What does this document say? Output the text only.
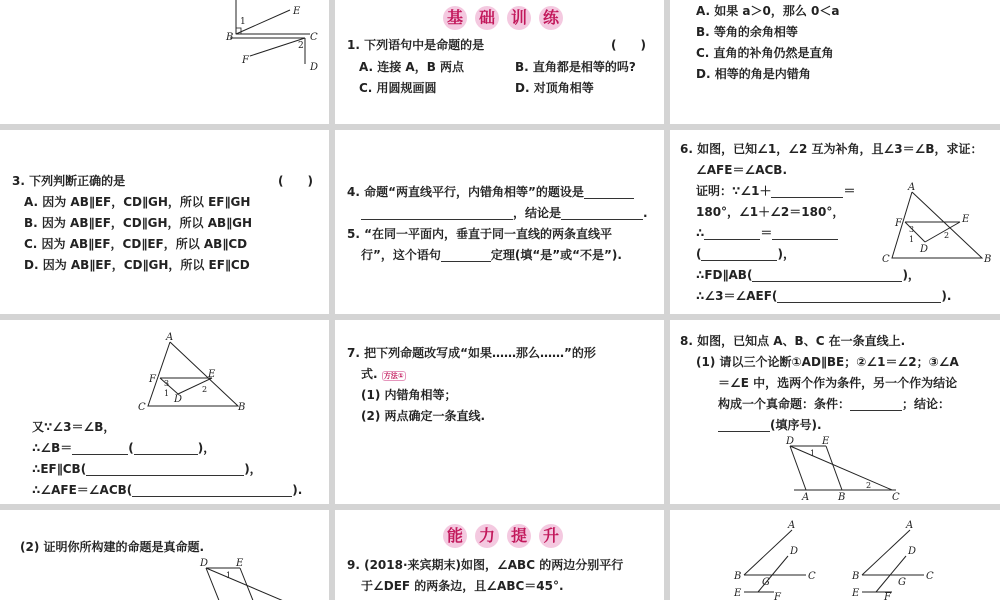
E
B	C
F
D
1
2
基 础 训 练
1. 下列语句中是命题的是	(　　)
A. 连接 A，B 两点	B. 直角都是相等的吗?
C. 用圆规画圆	D. 对顶角相等
A. 如果 a＞0，那么 0＜a
B. 等角的余角相等
C. 直角的补角仍然是直角
D. 相等的角是内错角
3. 下列判断正确的是	(　　)
A. 因为 AB∥EF，CD∥GH，所以 EF∥GH
B. 因为 AB∥EF，CD∥GH，所以 AB∥GH
C. 因为 AB∥EF，CD∥EF，所以 AB∥CD
D. 因为 AB∥EF，CD∥GH，所以 EF∥CD
4. 命题“两直线平行，内错角相等”的题设是
，结论是	.
5. “在同一平面内，垂直于同一直线的两条直线平
行”，这个语句	定理(填“是”或“不是”).
6. 如图，已知∠1，∠2 互为补角，且∠3＝∠B，求证：
∠AFE＝∠ACB.
证明：∵∠1＋	＝
180°，∠1＋∠2＝180°，
∴	＝
(	)，
∴FD∥AB(	)，
∴∠3＝∠AEF(	).
A
F	E
3
1
D
2
C	B
A
F 3
E
1	2
D
C	B
又∵∠3＝∠B，
∴∠B＝	(	)，
∴EF∥CB(	)，
∴∠AFE＝∠ACB(	).
7. 把下列命题改写成“如果……那么……”的形
式. 方法①
(1) 内错角相等；
(2) 两点确定一条直线.
8. 如图，已知点 A、B、C 在一条直线上.
(1) 请以三个论断①AD∥BE；②∠1＝∠2；③∠A
＝∠E 中，选两个作为条件，另一个作为结论
构成一个真命题：条件：	；结论：
(填序号).
D	E
1
2
A	B	C
(2) 证明你所构建的命题是真命题.
D	E
1
能 力 提 升
9. (2018·来宾期末)如图，∠ABC 的两边分别平行
于∠DEF 的两条边，且∠ABC＝45°.
A
D
B
G
C
E	F
A
D
B
G
C
E F
